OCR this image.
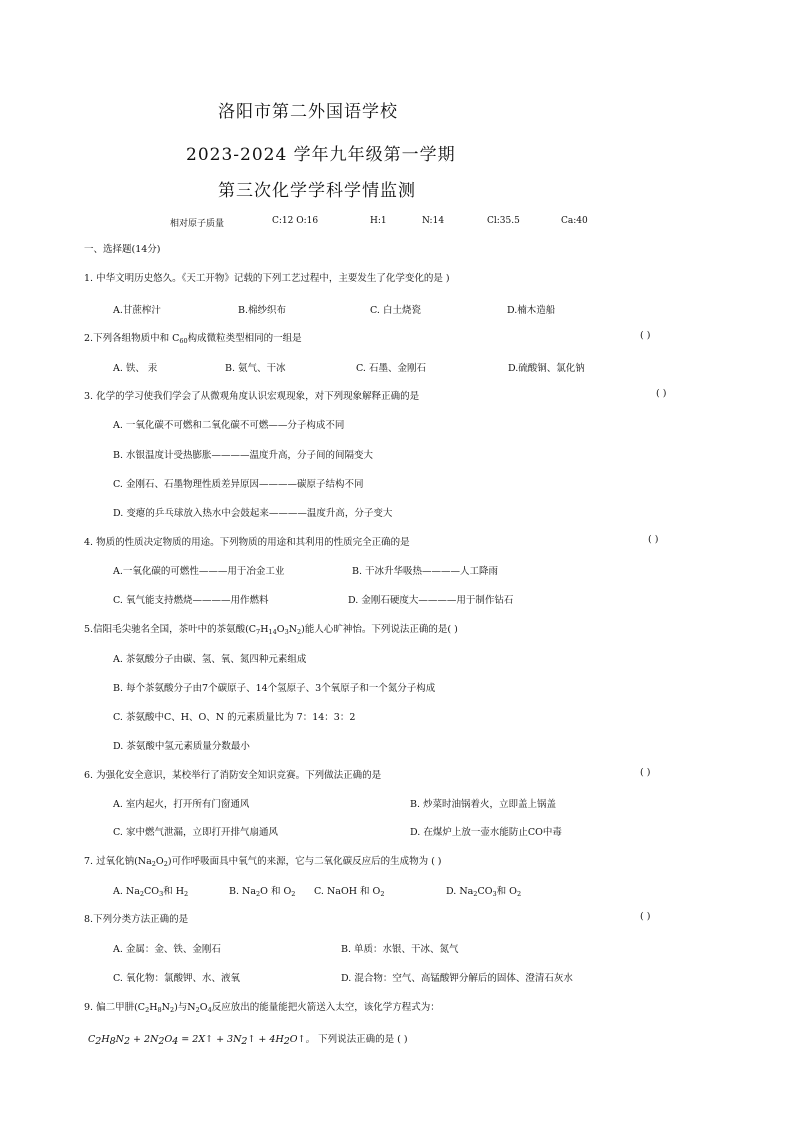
洛阳市第二外国语学校
2023-2024 学年九年级第一学期
第三次化学学科学情监测
相对原子质量	C:12 O:16	H:1	N:14	Cl:35.5	Ca:40
一、选择题(14分)
1. 中华文明历史悠久。《天工开物》记载的下列工艺过程中，主要发生了化学变化的是 )
A.甘蔗榨汁	B.棉纱织布	C. 白土烧瓷	D.楠木造船
2.下列各组物质中和 $C_{60}$构成微粒类型相同的一组是	( )
A. 铁、 汞	B. 氨气、干冰	C. 石墨、金刚石	D.硫酸铜、氯化钠
3. 化学的学习使我们学会了从微观角度认识宏观现象，对下列现象解释正确的是	( )
A. 一氧化碳不可燃和二氧化碳不可燃——分子构成不同
B. 水银温度计受热膨胀————温度升高，分子间的间隔变大
C. 金刚石、石墨物理性质差异原因————碳原子结构不同
D. 变瘪的乒乓球放入热水中会鼓起来————温度升高，分子变大
4. 物质的性质决定物质的用途。下列物质的用途和其利用的性质完全正确的是	( )
A.一氧化碳的可燃性———用于冶金工业	B. 干冰升华吸热————人工降雨
C. 氧气能支持燃烧————用作燃料	D. 金刚石硬度大————用于制作钻石
5.信阳毛尖驰名全国，茶叶中的茶氨酸$(C_7H_{14}O_3N_2)$能人心旷神怡。下列说法正确的是( )
A. 茶氨酸分子由碳、氢、氧、氮四种元素组成
B. 每个茶氨酸分子由7个碳原子、14个氢原子、3个氧原子和一个氮分子构成
C. 茶氨酸中C、H、O、N 的元素质量比为 7：14：3：2
D. 茶氨酸中氢元素质量分数最小
6. 为强化安全意识，某校举行了消防安全知识竞赛。下列做法正确的是	( )
A. 室内起火，打开所有门窗通风	B. 炒菜时油锅着火，立即盖上锅盖
C. 家中燃气泄漏，立即打开排气扇通风	D. 在煤炉上放一壶水能防止CO中毒
7. 过氧化钠$(Na_2O_2)$可作呼吸面具中氧气的来源，它与二氧化碳反应后的生成物为 ( )
A. $Na_2CO_3$和 $H_2$	B. $Na_2O$ 和 $O_2$ C. NaOH 和 $O_2$	D. $Na_2CO_3$和 $O_2$
8.下列分类方法正确的是	( )
A. 金属：金、铁、金刚石	B. 单质：水银、干冰、氮气
C. 氧化物：氯酸钾、水、液氧	D. 混合物：空气、高锰酸钾分解后的固体、澄清石灰水
9. 偏二甲肼$(C_2H_8N_2)$与$N_2O_4$反应放出的能量能把火箭送入太空，该化学方程式为：
$C_2H_8N_2 + 2N_2O_4$ = 2X↑ + $3N_2↑$ + $4H_2O↑$。 下列说法正确的是 ( )
